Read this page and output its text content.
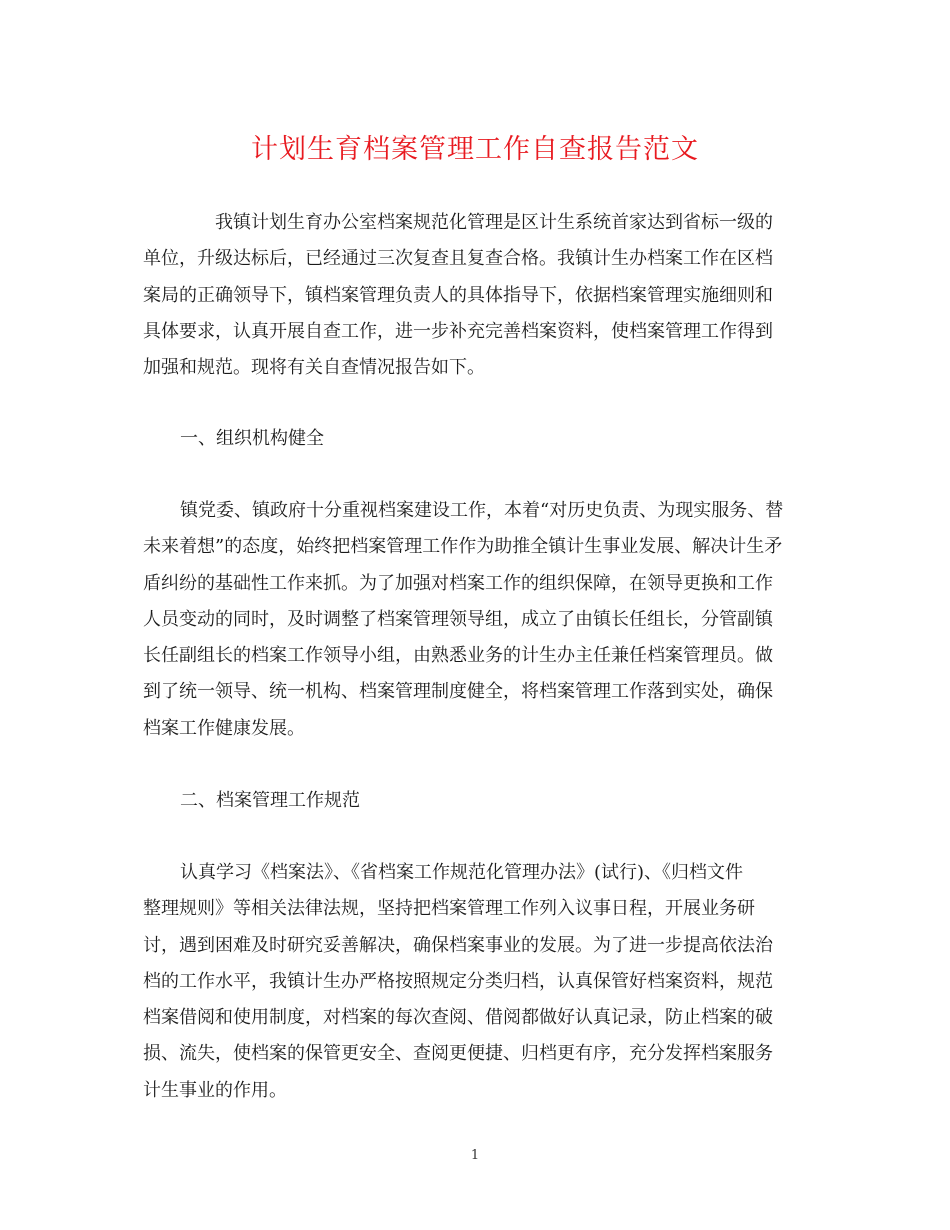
计划生育档案管理工作自查报告范文
我镇计划生育办公室档案规范化管理是区计生系统首家达到省标一级的
单位，升级达标后，已经通过三次复查且复查合格。我镇计生办档案工作在区档
案局的正确领导下，镇档案管理负责人的具体指导下，依据档案管理实施细则和
具体要求，认真开展自查工作，进一步补充完善档案资料，使档案管理工作得到
加强和规范。现将有关自查情况报告如下。
一、组织机构健全
镇党委、镇政府十分重视档案建设工作，本着“对历史负责、为现实服务、替
未来着想”的态度，始终把档案管理工作作为助推全镇计生事业发展、解决计生矛
盾纠纷的基础性工作来抓。为了加强对档案工作的组织保障，在领导更换和工作
人员变动的同时，及时调整了档案管理领导组，成立了由镇长任组长，分管副镇
长任副组长的档案工作领导小组，由熟悉业务的计生办主任兼任档案管理员。做
到了统一领导、统一机构、档案管理制度健全，将档案管理工作落到实处，确保
档案工作健康发展。
二、档案管理工作规范
认真学习《档案法》、《省档案工作规范化管理办法》(试行)、《归档文件
整理规则》等相关法律法规，坚持把档案管理工作列入议事日程，开展业务研
讨，遇到困难及时研究妥善解决，确保档案事业的发展。为了进一步提高依法治
档的工作水平，我镇计生办严格按照规定分类归档，认真保管好档案资料，规范
档案借阅和使用制度，对档案的每次查阅、借阅都做好认真记录，防止档案的破
损、流失，使档案的保管更安全、查阅更便捷、归档更有序，充分发挥档案服务
计生事业的作用。
1
